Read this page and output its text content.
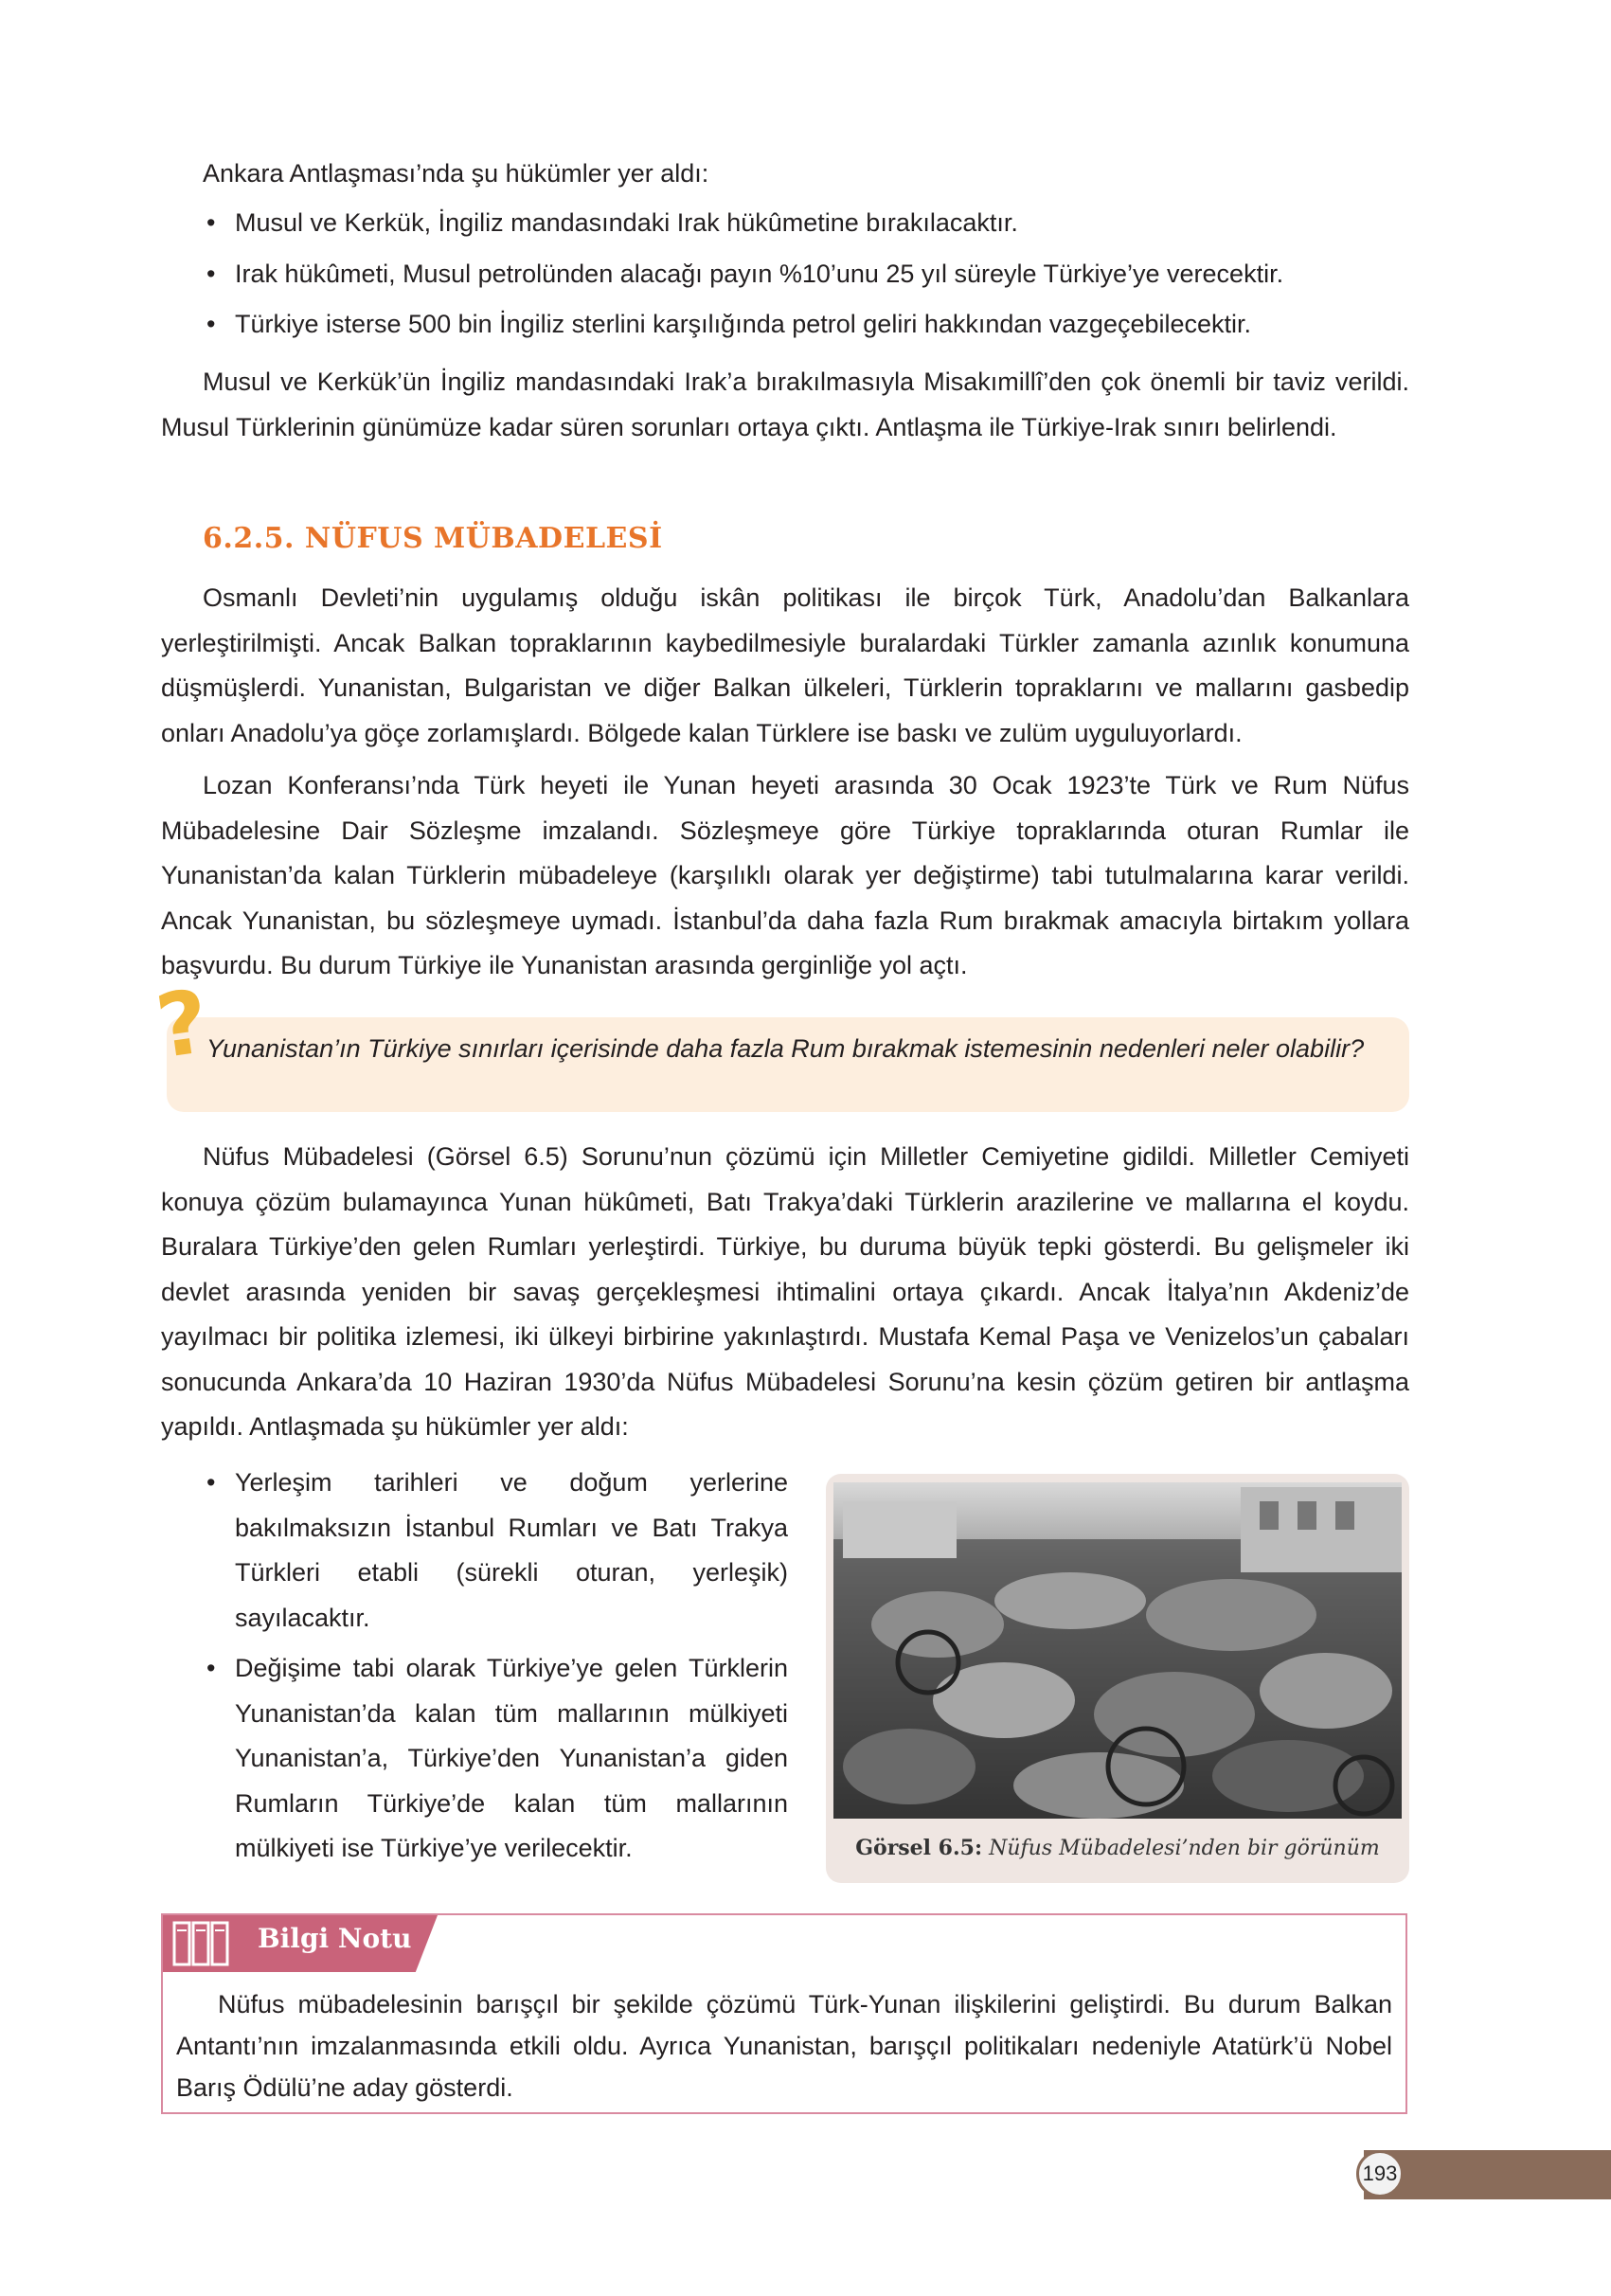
Ankara Antlaşması’nda şu hükümler yer aldı:

• Musul ve Kerkük, İngiliz mandasındaki Irak hükûmetine bırakılacaktır.
• Irak hükûmeti, Musul petrolünden alacağı payın %10’unu 25 yıl süreyle Türkiye’ye verecektir.
• Türkiye isterse 500 bin İngiliz sterlini karşılığında petrol geliri hakkından vazgeçebilecektir.

Musul ve Kerkük’ün İngiliz mandasındaki Irak’a bırakılmasıyla Misakımillî’den çok önemli bir taviz verildi. Musul Türklerinin günümüze kadar süren sorunları ortaya çıktı. Antlaşma ile Türkiye-Irak sınırı belirlendi.

6.2.5. NÜFUS MÜBADELESİ

Osmanlı Devleti’nin uygulamış olduğu iskân politikası ile birçok Türk, Anadolu’dan Balkanlara yerleştirilmişti. Ancak Balkan topraklarının kaybedilmesiyle buralardaki Türkler zamanla azınlık konumuna düşmüşlerdi. Yunanistan, Bulgaristan ve diğer Balkan ülkeleri, Türklerin topraklarını ve mallarını gasbedip onları Anadolu’ya göçe zorlamışlardı. Bölgede kalan Türklere ise baskı ve zulüm uyguluyorlardı.

Lozan Konferansı’nda Türk heyeti ile Yunan heyeti arasında 30 Ocak 1923’te Türk ve Rum Nüfus Mübadelesine Dair Sözleşme imzalandı. Sözleşmeye göre Türkiye topraklarında oturan Rumlar ile Yunanistan’da kalan Türklerin mübadeleye (karşılıklı olarak yer değiştirme) tabi tutulmalarına karar verildi. Ancak Yunanistan, bu sözleşmeye uymadı. İstanbul’da daha fazla Rum bırakmak amacıyla birtakım yollara başvurdu. Bu durum Türkiye ile Yunanistan arasında gerginliğe yol açtı.

?

Yunanistan’ın Türkiye sınırları içerisinde daha fazla Rum bırakmak istemesinin nedenleri neler olabilir?

Nüfus Mübadelesi (Görsel 6.5) Sorunu’nun çözümü için Milletler Cemiyetine gidildi. Milletler Cemiyeti konuya çözüm bulamayınca Yunan hükûmeti, Batı Trakya’daki Türklerin arazilerine ve mallarına el koydu. Buralara Türkiye’den gelen Rumları yerleştirdi. Türkiye, bu duruma büyük tepki gösterdi. Bu gelişmeler iki devlet arasında yeniden bir savaş gerçekleşmesi ihtimalini ortaya çıkardı. Ancak İtalya’nın Akdeniz’de yayılmacı bir politika izlemesi, iki ülkeyi birbirine yakınlaştırdı. Mustafa Kemal Paşa ve Venizelos’un çabaları sonucunda Ankara’da 10 Haziran 1930’da Nüfus Mübadelesi Sorunu’na kesin çözüm getiren bir antlaşma yapıldı. Antlaşmada şu hükümler yer aldı:

• Yerleşim tarihleri ve doğum yerlerine bakılmaksızın İstanbul Rumları ve Batı Trakya Türkleri etabli (sürekli oturan, yerleşik) sayılacaktır.
• Değişime tabi olarak Türkiye’ye gelen Türklerin Yunanistan’da kalan tüm mallarının mülkiyeti Yunanistan’a, Türkiye’den Yunanistan’a giden Rumların Türkiye’de kalan tüm mallarının mülkiyeti ise Türkiye’ye verilecektir.	Görsel 6.5: Nüfus Mübadelesi’nden bir görünüm
Bilgi Notu

Nüfus mübadelesinin barışçıl bir şekilde çözümü Türk-Yunan ilişkilerini geliştirdi. Bu durum Balkan Antantı’nın imzalanmasında etkili oldu. Ayrıca Yunanistan, barışçıl politikaları nedeniyle Atatürk’ü Nobel Barış Ödülü’ne aday gösterdi.

193
